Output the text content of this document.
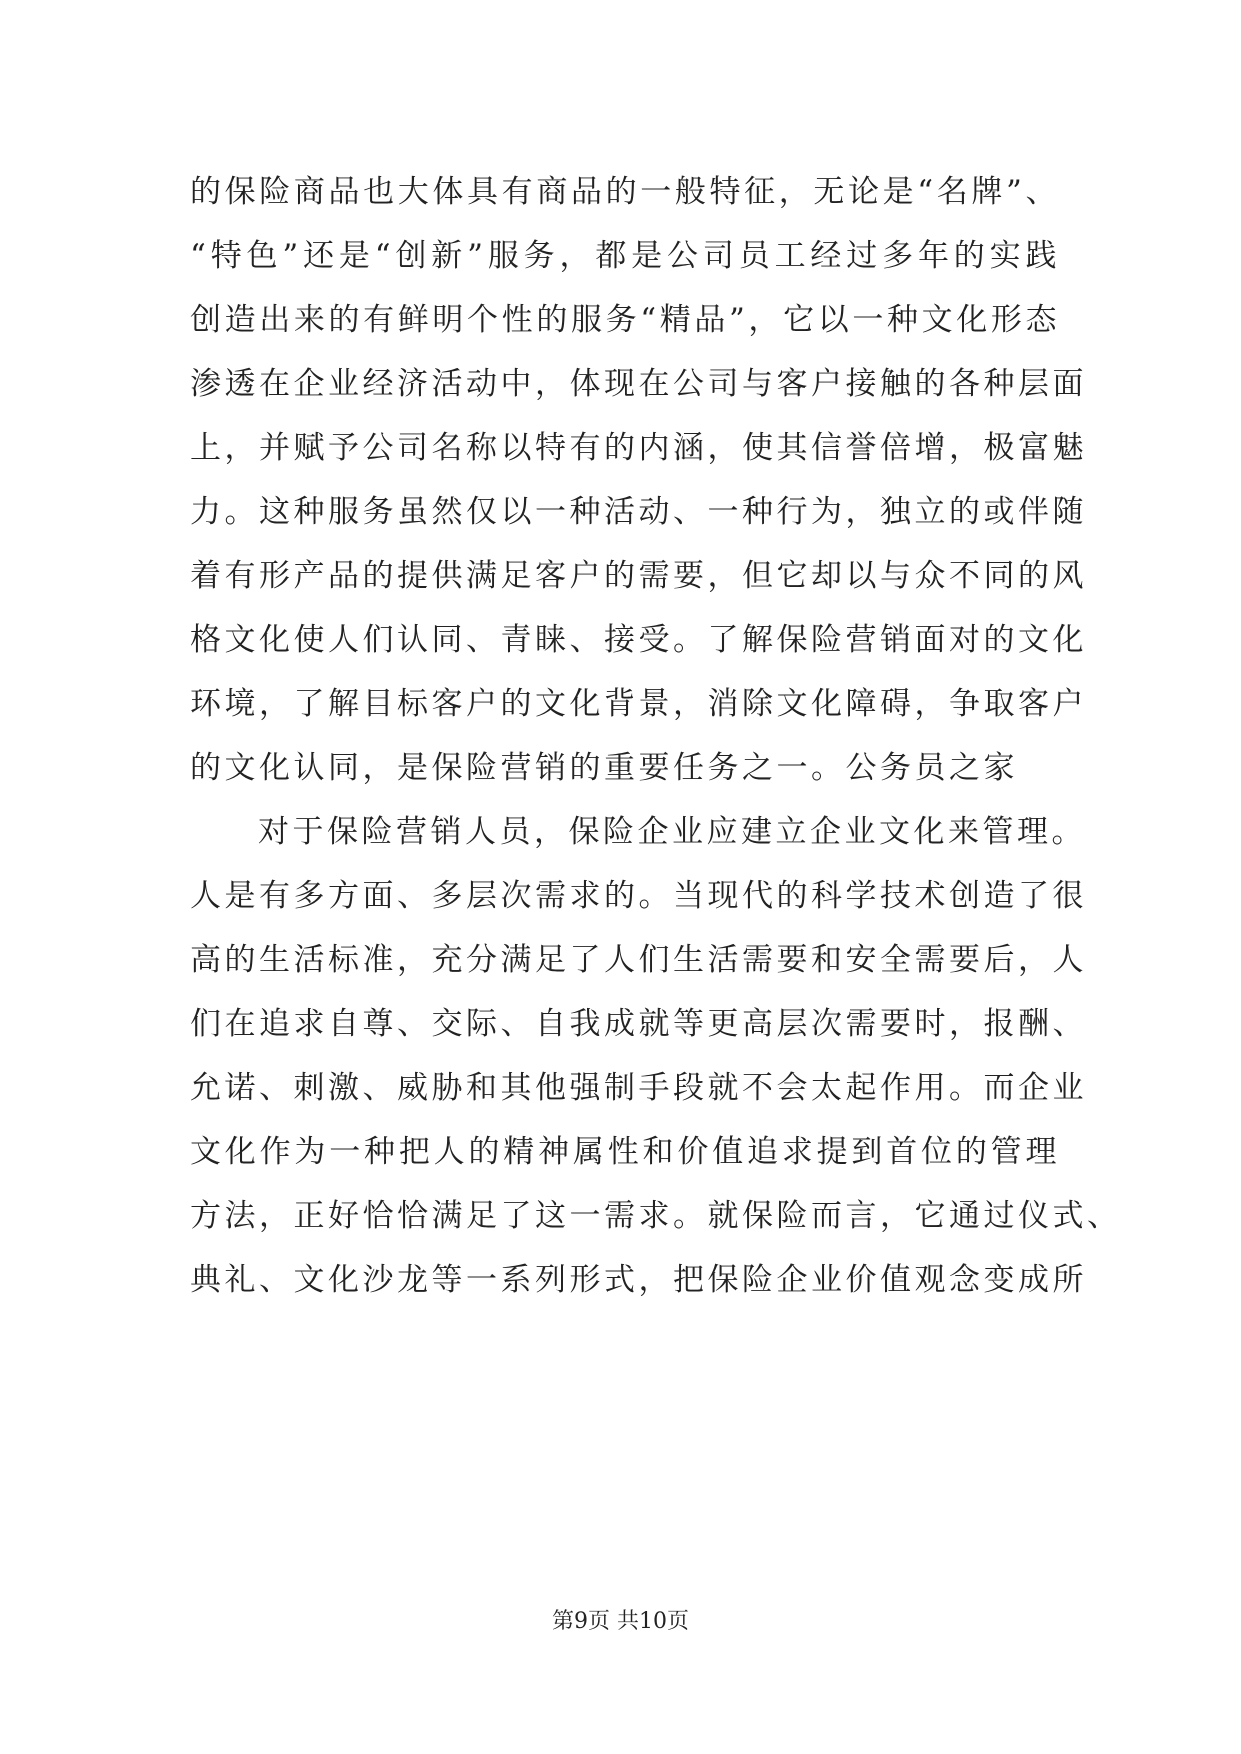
的保险商品也大体具有商品的一般特征，无论是“名牌”、
“特色”还是“创新”服务，都是公司员工经过多年的实践
创造出来的有鲜明个性的服务“精品”，它以一种文化形态
渗透在企业经济活动中，体现在公司与客户接触的各种层面
上，并赋予公司名称以特有的内涵，使其信誉倍增，极富魅
力。这种服务虽然仅以一种活动、一种行为，独立的或伴随
着有形产品的提供满足客户的需要，但它却以与众不同的风
格文化使人们认同、青睐、接受。了解保险营销面对的文化
环境，了解目标客户的文化背景，消除文化障碍，争取客户
的文化认同，是保险营销的重要任务之一。公务员之家
对于保险营销人员，保险企业应建立企业文化来管理。
人是有多方面、多层次需求的。当现代的科学技术创造了很
高的生活标准，充分满足了人们生活需要和安全需要后，人
们在追求自尊、交际、自我成就等更高层次需要时，报酬、
允诺、刺激、威胁和其他强制手段就不会太起作用。而企业
文化作为一种把人的精神属性和价值追求提到首位的管理
方法，正好恰恰满足了这一需求。就保险而言，它通过仪式、
典礼、文化沙龙等一系列形式，把保险企业价值观念变成所
第9页 共10页
